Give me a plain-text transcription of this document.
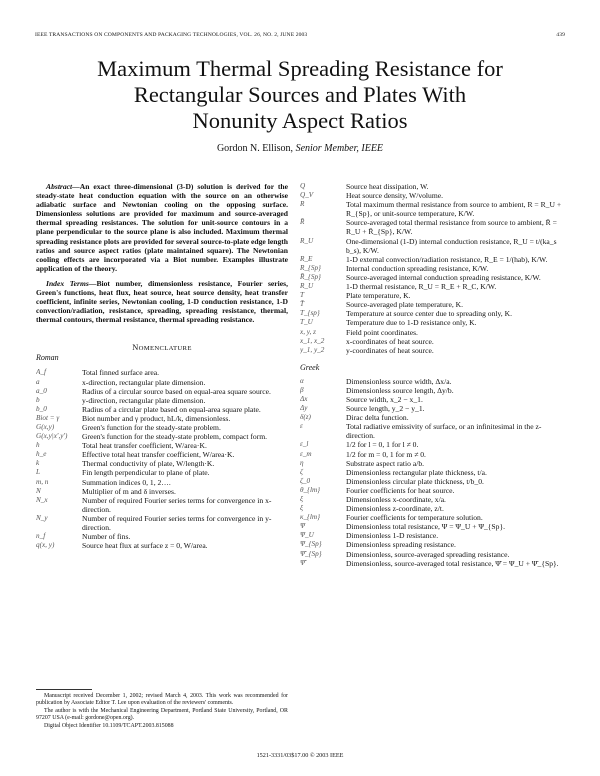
IEEE TRANSACTIONS ON COMPONENTS AND PACKAGING TECHNOLOGIES, VOL. 26, NO. 2, JUNE 2003	439
Maximum Thermal Spreading Resistance for
Rectangular Sources and Plates With
Nonunity Aspect Ratios
Gordon N. Ellison, Senior Member, IEEE

Abstract—An exact three-dimensional (3-D) solution is derived for the steady-state heat conduction equation with the source on an otherwise adiabatic surface and Newtonian cooling on the opposing surface. Dimensionless solutions are provided for maximum and source-averaged thermal spreading resistances. The solution for unit-source contours in a plane perpendicular to the source plane is also included. Maximum thermal spreading resistance plots are provided for several source-to-plate edge length ratios and source aspect ratios (plate maintained square). The Newtonian cooling effects are incorporated via a Biot number. Examples illustrate application of the theory.

Index Terms—Biot number, dimensionless resistance, Fourier series, Green's functions, heat flux, heat source, heat source density, heat transfer coefficient, infinite series, Newtonian cooling, 1-D conduction resistance, 1-D convection/radiation, resistance, spreading, spreading resistance, thermal, thermal contours, thermal resistance, thermal spreading resistance.

NOMENCLATURE
Roman
A_f	Total finned surface area.
a	x-direction, rectangular plate dimension.
a_0	Radius of a circular source based on equal-area square source.
b	y-direction, rectangular plate dimension.
b_0	Radius of a circular plate based on equal-area square plate.
Biot = γ	Biot number and γ product, hL/k, dimensionless.
G(x,y)	Green's function for the steady-state problem.
G(x,y|x',y')	Green's function for the steady-state problem, compact form.
h	Total heat transfer coefficient, W/area·K.
h_e	Effective total heat transfer coefficient, W/area·K.
k	Thermal conductivity of plate, W/length·K.
L	Fin length perpendicular to plane of plate.
m, n	Summation indices 0, 1, 2….
N	Multiplier of m and δ inverses.
N_x	Number of required Fourier series terms for convergence in x-direction.
N_y	Number of required Fourier series terms for convergence in y-direction.
n_f	Number of fins.
q(x, y)	Source heat flux at surface z = 0, W/area.

Manuscript received December 1, 2002; revised March 4, 2003. This work was recommended for publication by Associate Editor T. Lee upon evaluation of the reviewers' comments.

The author is with the Mechanical Engineering Department, Portland State University, Portland, OR 97207 USA (e-mail: gordone@open.org).

Digital Object Identifier 10.1109/TCAPT.2003.815088

Q	Source heat dissipation, W.
Q_V	Heat source density, W/volume.
R	Total maximum thermal resistance from source to ambient, R = R_U + R_{Sp}, or unit-source temperature, K/W.
R̄	Source-averaged total thermal resistance from source to ambient, R̄ = R_U + R̄_{Sp}, K/W.
R_U	One-dimensional (1-D) internal conduction resistance, R_U = t/(ka_s b_s), K/W.
R_E	1-D external convection/radiation resistance, R_E = 1/(hab), K/W.
R_{Sp}	Internal conduction spreading resistance, K/W.
R̄_{Sp}	Source-averaged internal conduction spreading resistance, K/W.
R_U	1-D thermal resistance, R_U = R_E + R_C, K/W.
T	Plate temperature, K.
T̄	Source-averaged plate temperature, K.
T_{sp}	Temperature at source center due to spreading only, K.
T_U	Temperature due to 1-D resistance only, K.
x, y, z	Field point coordinates.
x_1, x_2	x-coordinates of heat source.
y_1, y_2	y-coordinates of heat source.
Greek
α	Dimensionless source width, Δx/a.
β	Dimensionless source length, Δy/b.
Δx	Source width, x_2 − x_1.
Δy	Source length, y_2 − y_1.
δ(z)	Dirac delta function.
ε	Total radiative emissivity of surface, or an infinitesimal in the z-direction.
ε_l	1/2 for l = 0, 1 for l ≠ 0.
ε_m	1/2 for m = 0, 1 for m ≠ 0.
η	Substrate aspect ratio a/b.
ζ	Dimensionless rectangular plate thickness, t/a.
ζ_0	Dimensionless circular plate thickness, t/b_0.
θ_{lm}	Fourier coefficients for heat source.
ξ	Dimensionless x-coordinate, x/a.
ξ	Dimensionless z-coordinate, z/t.
κ_{lm}	Fourier coefficients for temperature solution.
Ψ	Dimensionless total resistance, Ψ = Ψ_U + Ψ_{Sp}.
Ψ_U	Dimensionless 1-D resistance.
Ψ_{Sp}	Dimensionless spreading resistance.
Ψ̄_{Sp}	Dimensionless, source-averaged spreading resistance.
Ψ̄	Dimensionless, source-averaged total resistance, Ψ̄ = Ψ_U + Ψ̄_{Sp}.
1521-3331/03$17.00 © 2003 IEEE
